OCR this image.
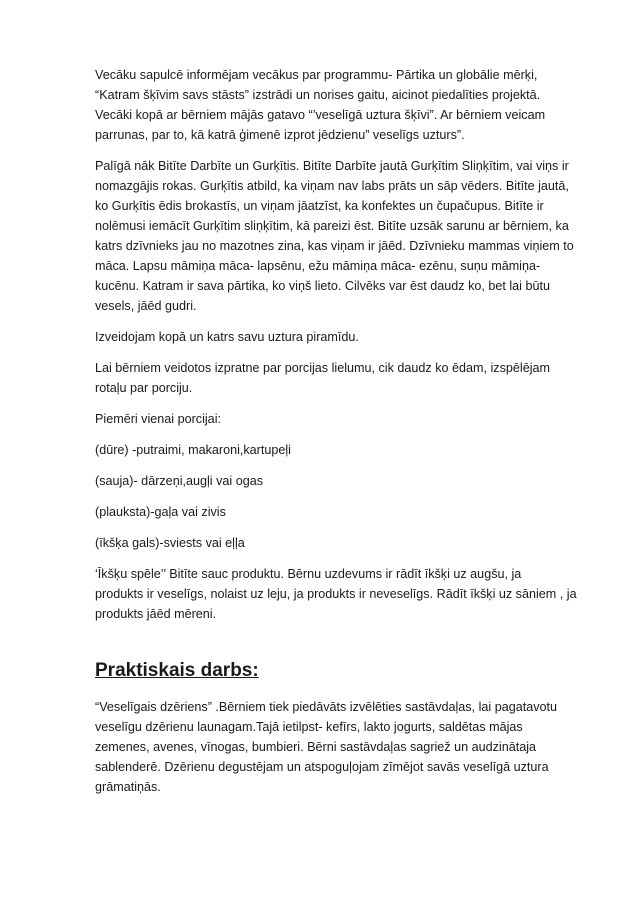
Vecāku sapulcē informējam vecākus par programmu- Pārtika un globālie mērķi,
“Katram šķīvim savs stāsts” izstrādi un norises gaitu, aicinot piedalīties projektā.
Vecāki kopā ar bērniem mājās gatavo “’veselīgā uztura šķīvi”. Ar bērniem veicam
parrunas, par to, kā katrā ģimenē izprot jēdzienu” veselīgs uzturs”.

Palīgā nāk Bitīte Darbīte un Gurķītis. Bitīte Darbīte jautā Gurķītim Sliņķītim, vai viņs ir
nomazgājis rokas. Gurķītis atbild, ka viņam nav labs prāts un sāp vēders. Bitīte jautā,
ko Gurķītis ēdis brokastīs, un viņam jāatzīst, ka konfektes un čupačupus. Bitīte ir
nolēmusi iemācīt Gurķītim sliņķītim, kā pareizi ēst. Bitīte uzsāk sarunu ar bērniem, ka
katrs dzīvnieks jau no mazotnes zina, kas viņam ir jāēd. Dzīvnieku mammas viņiem to
māca. Lapsu māmiņa māca- lapsēnu, ežu māmiņa māca- ezēnu, suņu māmiņa-
kucēnu. Katram ir sava pārtika, ko viņš lieto. Cilvēks var ēst daudz ko, bet lai būtu
vesels, jāēd gudri.

Izveidojam kopā un katrs savu uztura piramīdu.

Lai bērniem veidotos izpratne par porcijas lielumu, cik daudz ko ēdam, izspēlējam
rotaļu par porciju.

Piemēri vienai porcijai:

(dūre) -putraimi, makaroni,kartupeļi

(sauja)- dārzeņi,augļi vai ogas

(plauksta)-gaļa vai zivis

(īkšķa gals)-sviests vai eļļa

‘Īkšķu spēle’’ Bitīte sauc produktu. Bērnu uzdevums ir rādīt īkšķi uz augšu, ja
produkts ir veselīgs, nolaist uz leju, ja produkts ir neveselīgs. Rādīt īkšķi uz sāniem , ja
produkts jāēd mēreni.

Praktiskais darbs:

“Veselīgais dzēriens” .Bērniem tiek piedāvāts izvēlēties sastāvdaļas, lai pagatavotu
veselīgu dzērienu launagam.Tajā ietilpst- kefīrs, lakto jogurts, saldētas mājas
zemenes, avenes, vīnogas, bumbieri. Bērni sastāvdaļas sagriež un audzinātaja
sablenderē. Dzērienu degustējam un atspoguļojam zīmējot savās veselīgā uztura
grāmatiņās.
